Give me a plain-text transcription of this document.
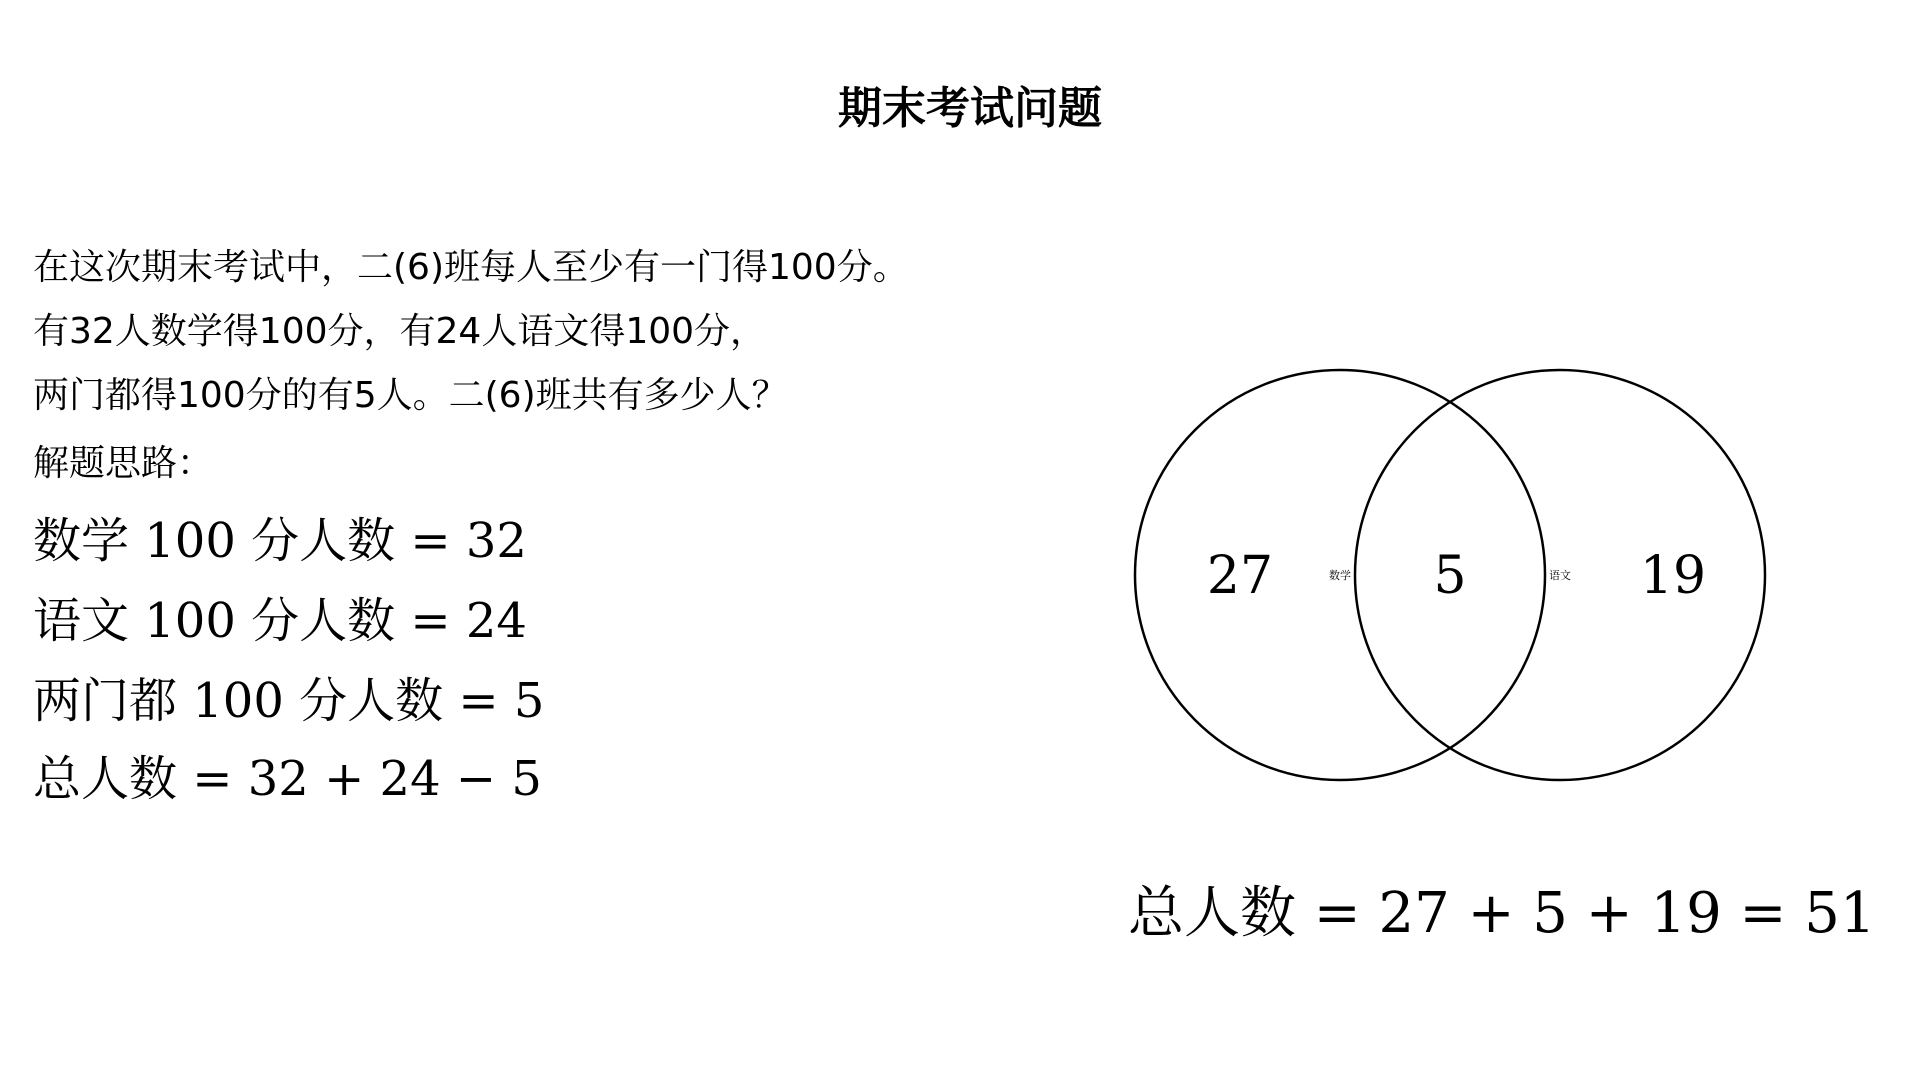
期末考试问题
在这次期末考试中，二(6)班每人至少有一门得100分。
有32人数学得100分，有24人语文得100分，
两门都得100分的有5人。二(6)班共有多少人？
解题思路：
数学 100 分人数 = 32
语文 100 分人数 = 24
两门都 100 分人数 = 5
总人数 = 32 + 24 − 5
27	数学 5	语文 19
总人数 = 27 + 5 + 19 = 51
